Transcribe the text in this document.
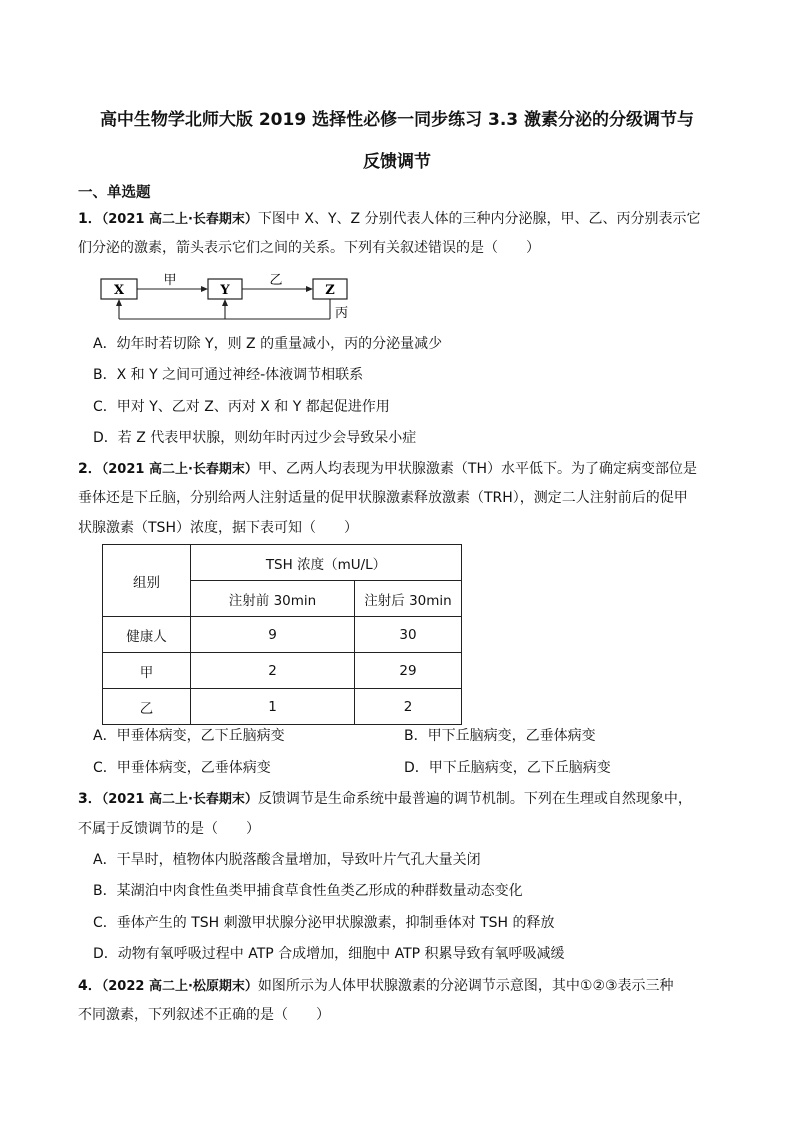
高中生物学北师大版 2019 选择性必修一同步练习 3.3 激素分泌的分级调节与
反馈调节
一、单选题
1．（2021 高二上·长春期末）下图中 X、Y、Z 分别代表人体的三种内分泌腺，甲、乙、丙分别表示它
们分泌的激素，箭头表示它们之间的关系。下列有关叙述错误的是（　　）
X	Y	Z
甲	乙
丙
A．幼年时若切除 Y，则 Z 的重量减小，丙的分泌量减少
B．X 和 Y 之间可通过神经-体液调节相联系
C．甲对 Y、乙对 Z、丙对 X 和 Y 都起促进作用
D．若 Z 代表甲状腺，则幼年时丙过少会导致呆小症
2．（2021 高二上·长春期末）甲、乙两人均表现为甲状腺激素（TH）水平低下。为了确定病变部位是
垂体还是下丘脑，分别给两人注射适量的促甲状腺激素释放激素（TRH），测定二人注射前后的促甲
状腺激素（TSH）浓度，据下表可知（　　）
组别	TSH 浓度（mU/L）	
	注射前 30min	注射后 30min
健康人	9	30
甲	2	29
乙	1	2
A．甲垂体病变，乙下丘脑病变	B．甲下丘脑病变，乙垂体病变
C．甲垂体病变，乙垂体病变	D．甲下丘脑病变，乙下丘脑病变
3．（2021 高二上·长春期末）反馈调节是生命系统中最普遍的调节机制。下列在生理或自然现象中，
不属于反馈调节的是（　　）
A．干旱时，植物体内脱落酸含量增加，导致叶片气孔大量关闭
B．某湖泊中肉食性鱼类甲捕食草食性鱼类乙形成的种群数量动态变化
C．垂体产生的 TSH 刺激甲状腺分泌甲状腺激素，抑制垂体对 TSH 的释放
D．动物有氧呼吸过程中 ATP 合成增加，细胞中 ATP 积累导致有氧呼吸减缓
4．（2022 高二上·松原期末）如图所示为人体甲状腺激素的分泌调节示意图，其中①②③表示三种
不同激素，下列叙述不正确的是（　　）
